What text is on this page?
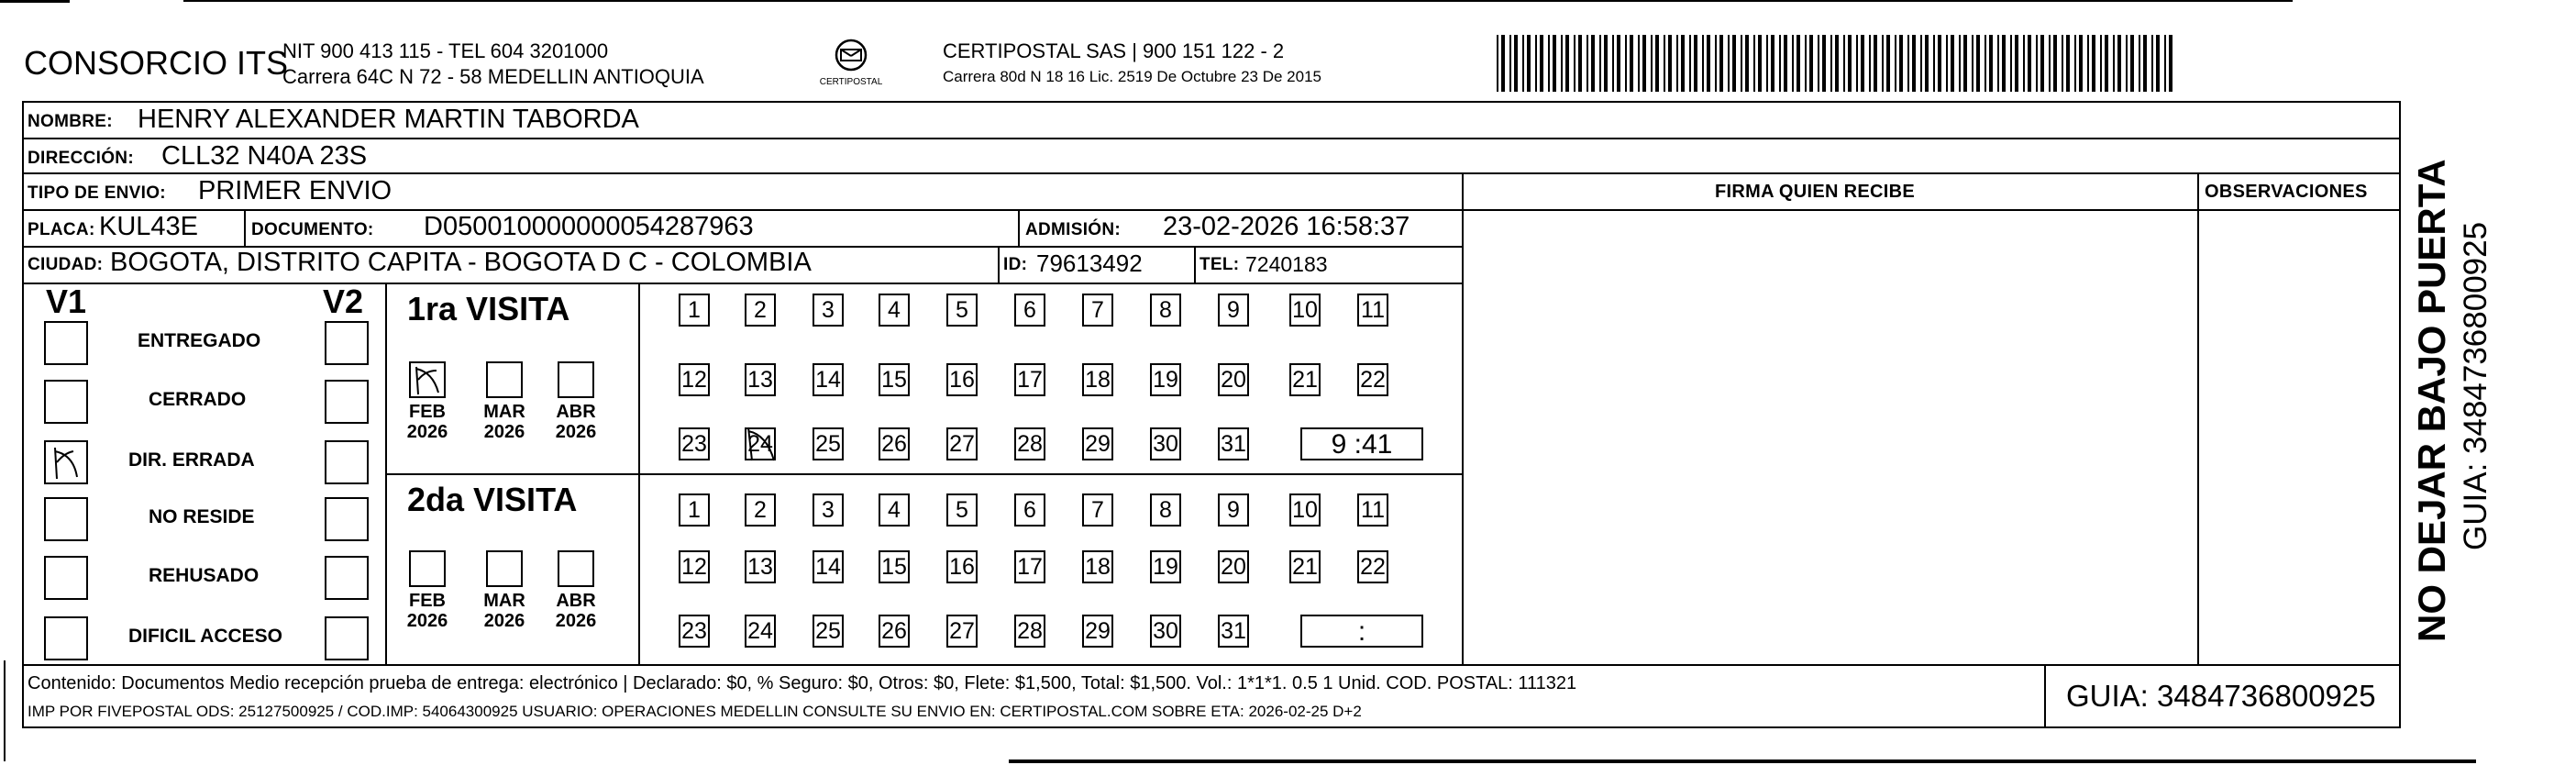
CONSORCIO ITS
NIT 900 413 115 - TEL 604 3201000
Carrera 64C N 72 - 58 MEDELLIN ANTIOQUIA	CERTIPOSTAL
CERTIPOSTAL SAS | 900 151 122 - 2
Carrera 80d N 18 16 Lic. 2519 De Octubre 23 De 2015
NOMBRE: HENRY ALEXANDER MARTIN TABORDA
DIRECCIÓN: CLL32 N40A 23S
TIPO DE ENVIO: PRIMER ENVIO	FIRMA QUIEN RECIBE	OBSERVACIONES
PLACA: KUL43E	DOCUMENTO: D050010000000054287963	ADMISIÓN: 23-02-2026 16:58:37
CIUDAD: BOGOTA, DISTRITO CAPITA - BOGOTA D C - COLOMBIA	ID: 79613492	TEL: 7240183
V1	V2
ENTREGADO
CERRADO
DIR. ERRADA
NO RESIDE
REHUSADO
DIFICIL ACCESO
1ra VISITA
2da VISITA
FEB
2026
MAR
2026
ABR
2026
FEB
2026
MAR
2026
ABR
2026
1	2	3	4	5	6	7	8	9	10 11
12 13 14 15 16 17 18 19 20 21 22
23 24 25 26 27 28 29 30 31	9 :41
1	2	3	4	5	6	7	8	9	10 11
12 13 14 15 16 17 18 19 20 21 22
23 24 25 26 27 28 29 30 31	:
Contenido: Documentos Medio recepción prueba de entrega: electrónico | Declarado: $0, % Seguro: $0, Otros: $0, Flete: $1,500, Total: $1,500. Vol.: 1*1*1. 0.5 1 Unid. COD. POSTAL: 111321
IMP POR FIVEPOSTAL ODS: 25127500925 / COD.IMP: 54064300925 USUARIO: OPERACIONES MEDELLIN CONSULTE SU ENVIO EN: CERTIPOSTAL.COM SOBRE ETA: 2026-02-25 D+2	GUIA: 3484736800925
NO DEJAR BAJO PUERTA GUIA: 3484736800925
